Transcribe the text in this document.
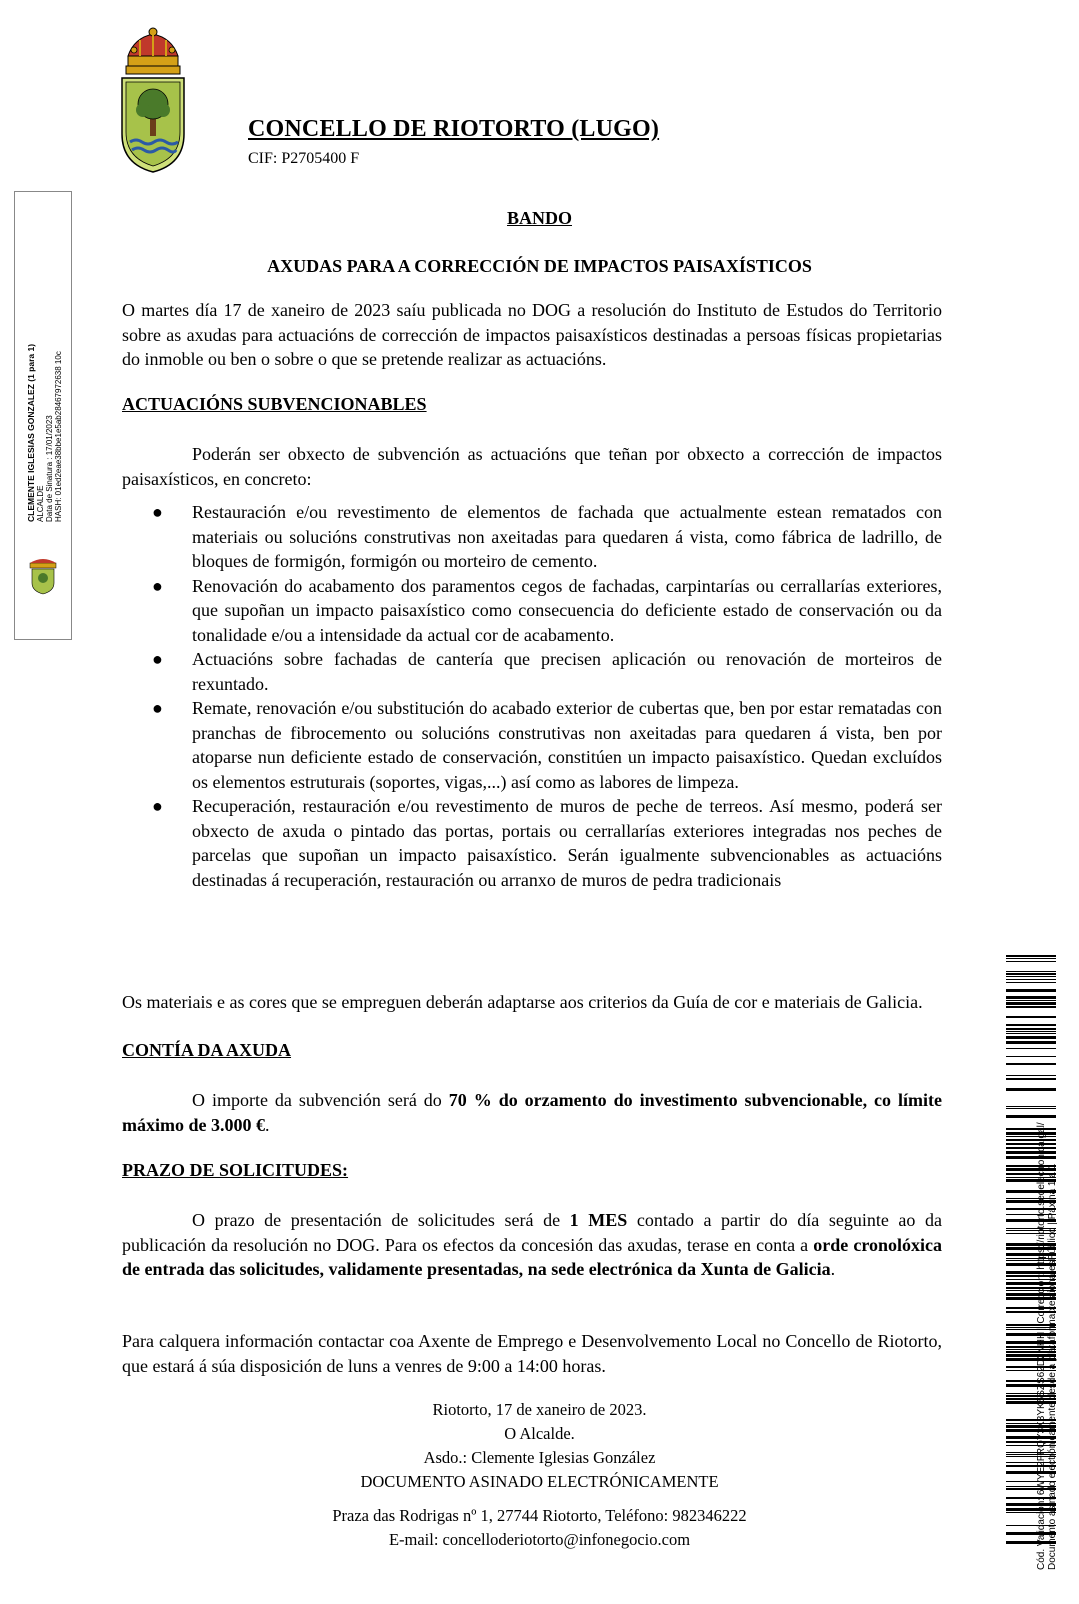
CONCELLO DE RIOTORTO (LUGO)
CIF: P2705400 F
CLEMENTE IGLESIAS GONZALEZ (1 para 1) ALCALDE Data de Sinatura : 17/01/2023 HASH: 01ed2eae38bbe1e5ab28467972638 10c
BANDO
AXUDAS PARA A CORRECCIÓN DE IMPACTOS PAISAXÍSTICOS
O martes día 17 de xaneiro de 2023 saíu publicada no DOG a resolución do Instituto de Estudos do Territorio sobre as axudas para actuacións de corrección de impactos paisaxísticos destinadas a persoas físicas propietarias do inmoble ou ben o sobre o que se pretende realizar as actuacións.
ACTUACIÓNS SUBVENCIONABLES
Poderán ser obxecto de subvención as actuacións que teñan por obxecto a corrección de impactos paisaxísticos, en concreto:
● Restauración e/ou revestimento de elementos de fachada que actualmente estean rematados con materiais ou solucións construtivas non axeitadas para quedaren á vista, como fábrica de ladrillo, de bloques de formigón, formigón ou morteiro de cemento.
● Renovación do acabamento dos paramentos cegos de fachadas, carpintarías ou cerrallarías exteriores, que supoñan un impacto paisaxístico como consecuencia do deficiente estado de conservación ou da tonalidade e/ou a intensidade da actual cor de acabamento.
● Actuacións sobre fachadas de cantería que precisen aplicación ou renovación de morteiros de rexuntado.
● Remate, renovación e/ou substitución do acabado exterior de cubertas que, ben por estar rematadas con pranchas de fibrocemento ou solucións construtivas non axeitadas para quedaren á vista, ben por atoparse nun deficiente estado de conservación, constitúen un impacto paisaxístico. Quedan excluídos os elementos estruturais (soportes, vigas,...) así como as labores de limpeza.
● Recuperación, restauración e/ou revestimento de muros de peche de terreos. Así mesmo, poderá ser obxecto de axuda o pintado das portas, portais ou cerrallarías exteriores integradas nos peches de parcelas que supoñan un impacto paisaxístico. Serán igualmente subvencionables as actuacións destinadas á recuperación, restauración ou arranxo de muros de pedra tradicionais
Os materiais e as cores que se empreguen deberán adaptarse aos criterios da Guía de cor e materiais de Galicia.
CONTÍA DA AXUDA
O importe da subvención será do 70 % do orzamento do investimento subvencionable, co límite máximo de 3.000 €.
PRAZO DE SOLICITUDES:
O prazo de presentación de solicitudes será de 1 MES contado a partir do día seguinte ao da publicación da resolución no DOG. Para os efectos da concesión das axudas, terase en conta a orde cronolóxica de entrada das solicitudes, validamente presentadas, na sede electrónica da Xunta de Galicia.
Para calquera información contactar coa Axente de Emprego e Desenvolvemento Local no Concello de Riotorto, que estará á súa disposición de luns a venres de 9:00 a 14:00 horas.
Riotorto, 17 de xaneiro de 2023.
O Alcalde.
Asdo.: Clemente Iglesias González
DOCUMENTO ASINADO ELECTRÓNICAMENTE
Praza das Rodrigas nº 1, 27744 Riotorto, Teléfono: 982346222
E-mail: concelloderiotorto@infonegocio.com	Cód. Validación: 6WYE2FRQY3K3YK5SZS62D2NHH | Corrección: https://riotorto.sedelectronica.gal/ Documento asinado electrónicamente desde a plataforma xestiona esPúblico | Páxina 1 a 1
